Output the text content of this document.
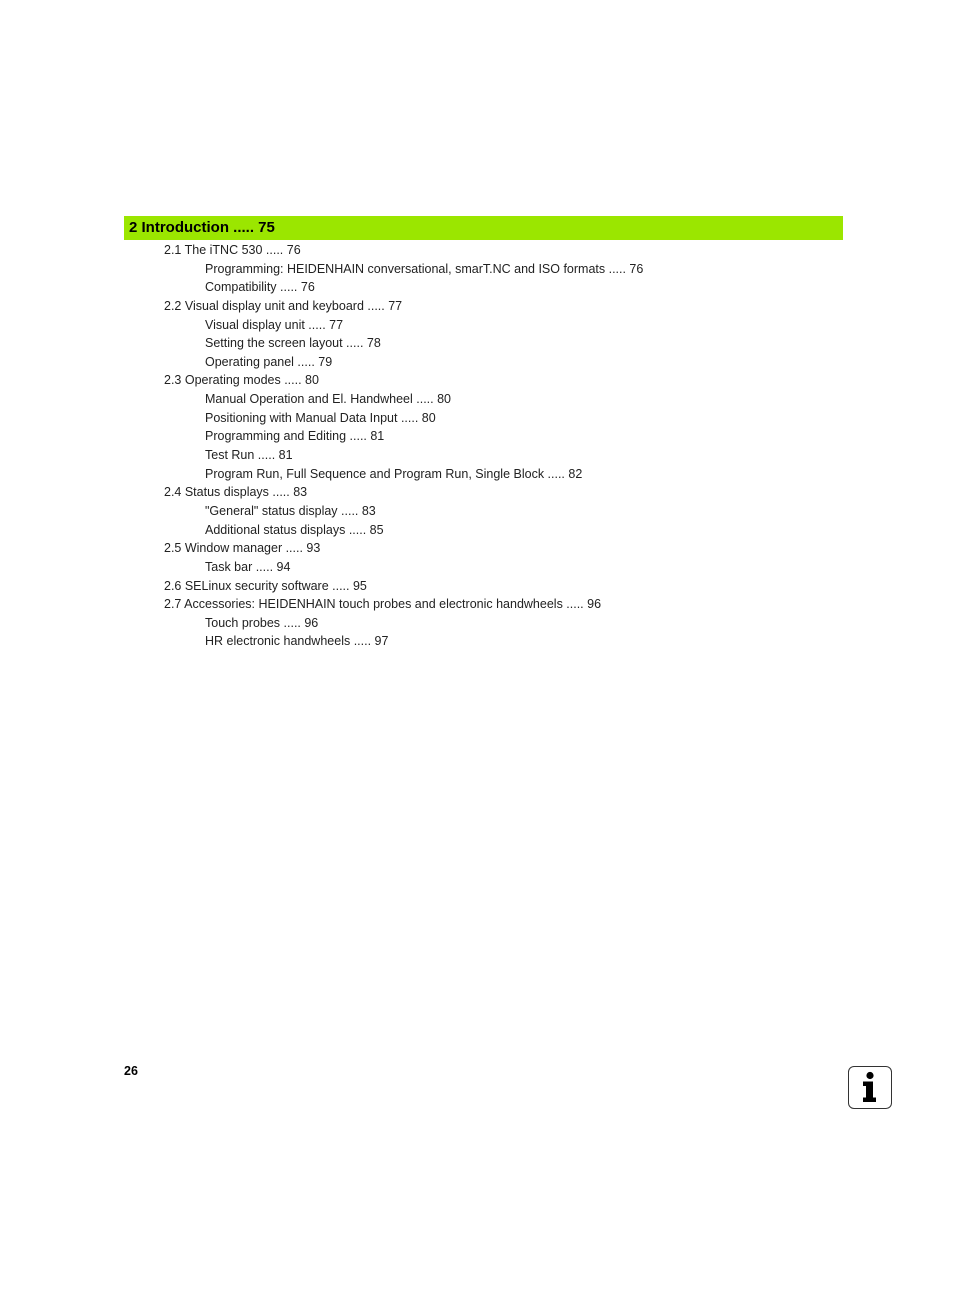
2 Introduction ..... 75
2.1 The iTNC 530 ..... 76
Programming: HEIDENHAIN conversational, smarT.NC and ISO formats ..... 76
Compatibility ..... 76
2.2 Visual display unit and keyboard ..... 77
Visual display unit ..... 77
Setting the screen layout ..... 78
Operating panel ..... 79
2.3 Operating modes ..... 80
Manual Operation and El. Handwheel ..... 80
Positioning with Manual Data Input ..... 80
Programming and Editing ..... 81
Test Run ..... 81
Program Run, Full Sequence and Program Run, Single Block ..... 82
2.4 Status displays ..... 83
"General" status display ..... 83
Additional status displays ..... 85
2.5 Window manager ..... 93
Task bar ..... 94
2.6 SELinux security software ..... 95
2.7 Accessories: HEIDENHAIN touch probes and electronic handwheels ..... 96
Touch probes ..... 96
HR electronic handwheels ..... 97
26
